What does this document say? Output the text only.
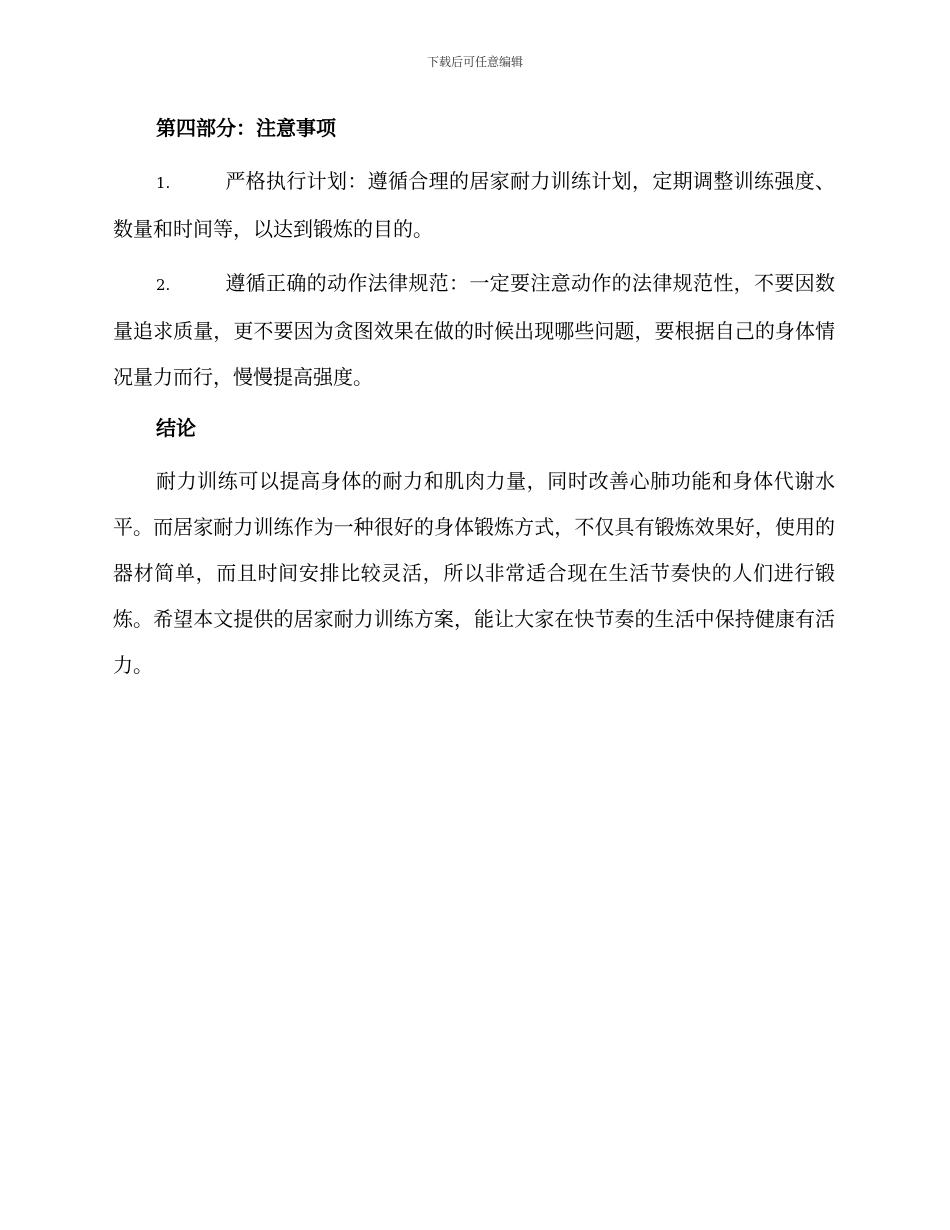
下载后可任意编辑
第四部分：注意事项
1.	严格执行计划：遵循合理的居家耐力训练计划，定期调整训练强度、数量和时间等，以达到锻炼的目的。
2.	遵循正确的动作法律规范：一定要注意动作的法律规范性，不要因数量追求质量，更不要因为贪图效果在做的时候出现哪些问题，要根据自己的身体情况量力而行，慢慢提高强度。
结论
耐力训练可以提高身体的耐力和肌肉力量，同时改善心肺功能和身体代谢水平。而居家耐力训练作为一种很好的身体锻炼方式，不仅具有锻炼效果好，使用的器材简单，而且时间安排比较灵活，所以非常适合现在生活节奏快的人们进行锻炼。希望本文提供的居家耐力训练方案，能让大家在快节奏的生活中保持健康有活力。
